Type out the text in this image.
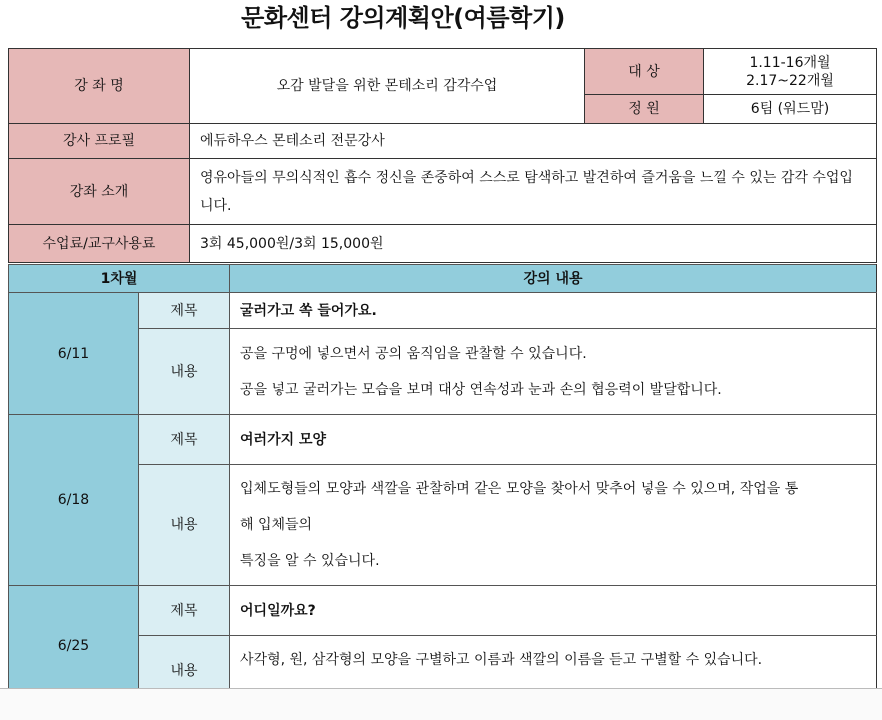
문화센터 강의계획안(여름학기)
강 좌 명	오감 발달을 위한 몬테소리 감각수업	대 상	1.11-16개월
2.17~22개월

		정 원	6팀 (워드맘)
강사 프로필	에듀하우스 몬테소리 전문강사		
강좌 소개	영유아들의 무의식적인 흡수 정신을 존중하여 스스로 탐색하고 발견하여 즐거움을 느낄 수 있는 감각 수업입니다.		
수업료/교구사용료	3회 45,000원/3회 15,000원		
1차월		강의 내용
6/11	제목	굴러가고 쏙 들어가요.
	내용	공을 구멍에 넣으면서 공의 움직임을 관찰할 수 있습니다.
공을 넣고 굴러가는 모습을 보며 대상 연속성과 눈과 손의 협응력이 발달합니다.

6/18	제목	여러가지 모양
	내용	입체도형들의 모양과 색깔을 관찰하며 같은 모양을 찾아서 맞추어 넣을 수 있으며, 작업을 통
해 입체들의
특징을 알 수 있습니다.

6/25	제목	어디일까요?
	내용	사각형, 원, 삼각형의 모양을 구별하고 이름과 색깔의 이름을 듣고 구별할 수 있습니다.
